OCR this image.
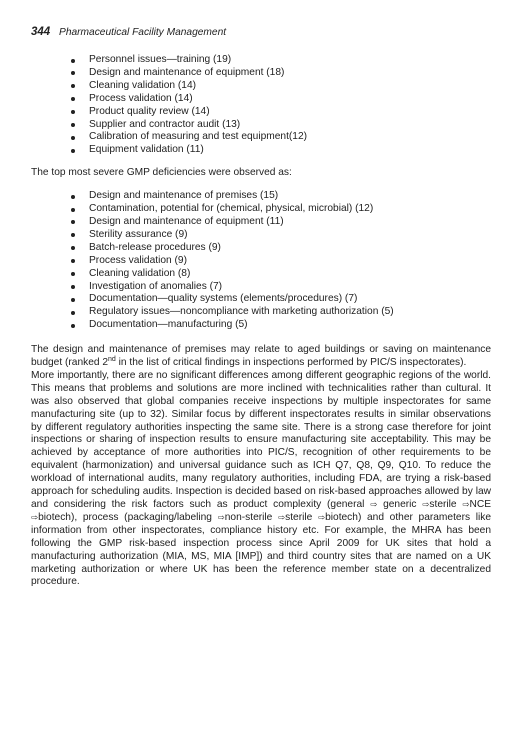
344 Pharmaceutical Facility Management
Personnel issues—training (19)
Design and maintenance of equipment (18)
Cleaning validation (14)
Process validation (14)
Product quality review (14)
Supplier and contractor audit (13)
Calibration of measuring and test equipment(12)
Equipment validation (11)

The top most severe GMP deficiencies were observed as:

Design and maintenance of premises (15)
Contamination, potential for (chemical, physical, microbial) (12)
Design and maintenance of equipment (11)
Sterility assurance (9)
Batch-release procedures (9)
Process validation (9)
Cleaning validation (8)
Investigation of anomalies (7)
Documentation—quality systems (elements/procedures) (7)
Regulatory issues—noncompliance with marketing authorization (5)
Documentation—manufacturing (5)

The design and maintenance of premises may relate to aged buildings or saving on maintenance budget (ranked 2nd in the list of critical findings in inspections performed by PIC/S inspectorates).

More importantly, there are no significant differences among different geographic regions of the world. This means that problems and solutions are more inclined with technicalities rather than cultural. It was also observed that global companies receive inspections by multiple inspectorates for same manufacturing site (up to 32). Similar focus by different inspectorates results in similar observations by different regulatory authorities inspecting the same site. There is a strong case therefore for joint inspections or sharing of inspection results to ensure manufacturing site acceptability. This may be achieved by acceptance of more authorities into PIC/S, recognition of other requirements to be equivalent (harmonization) and universal guidance such as ICH Q7, Q8, Q9, Q10. To reduce the workload of international audits, many regulatory authorities, including FDA, are trying a risk-based approach for scheduling audits. Inspection is decided based on risk-based approaches allowed by law and considering the risk factors such as product complexity (general ⇨ generic ⇨sterile ⇨NCE ⇨biotech), process (packaging/labeling ⇨non-sterile ⇨sterile ⇨biotech) and other parameters like information from other inspectorates, compliance history etc. For example, the MHRA has been following the GMP risk-based inspection process since April 2009 for UK sites that hold a manufacturing authorization (MIA, MS, MIA [IMP]) and third country sites that are named on a UK marketing authorization or where UK has been the reference member state on a decentralized procedure.
